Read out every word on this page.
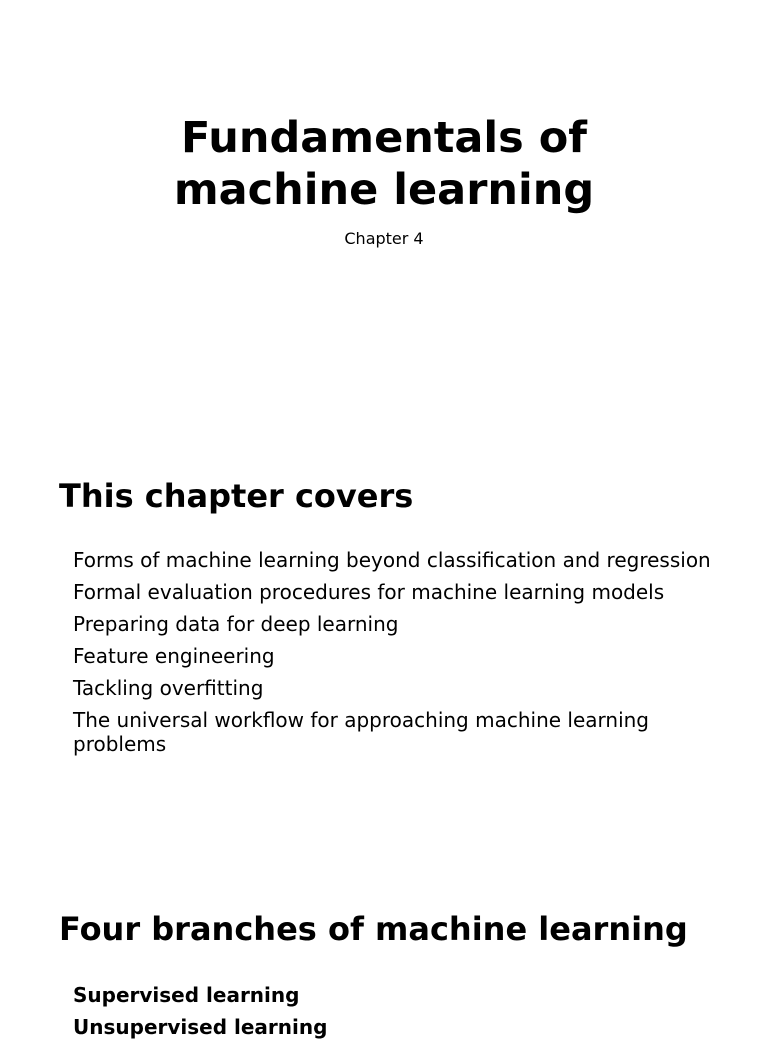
Fundamentals of
machine learning

Chapter 4

This chapter covers
Forms of machine learning beyond classification and regression
Formal evaluation procedures for machine learning models
Preparing data for deep learning
Feature engineering
Tackling overfitting
The universal workflow for approaching machine learning problems
Four branches of machine learning
Supervised learning
Unsupervised learning
